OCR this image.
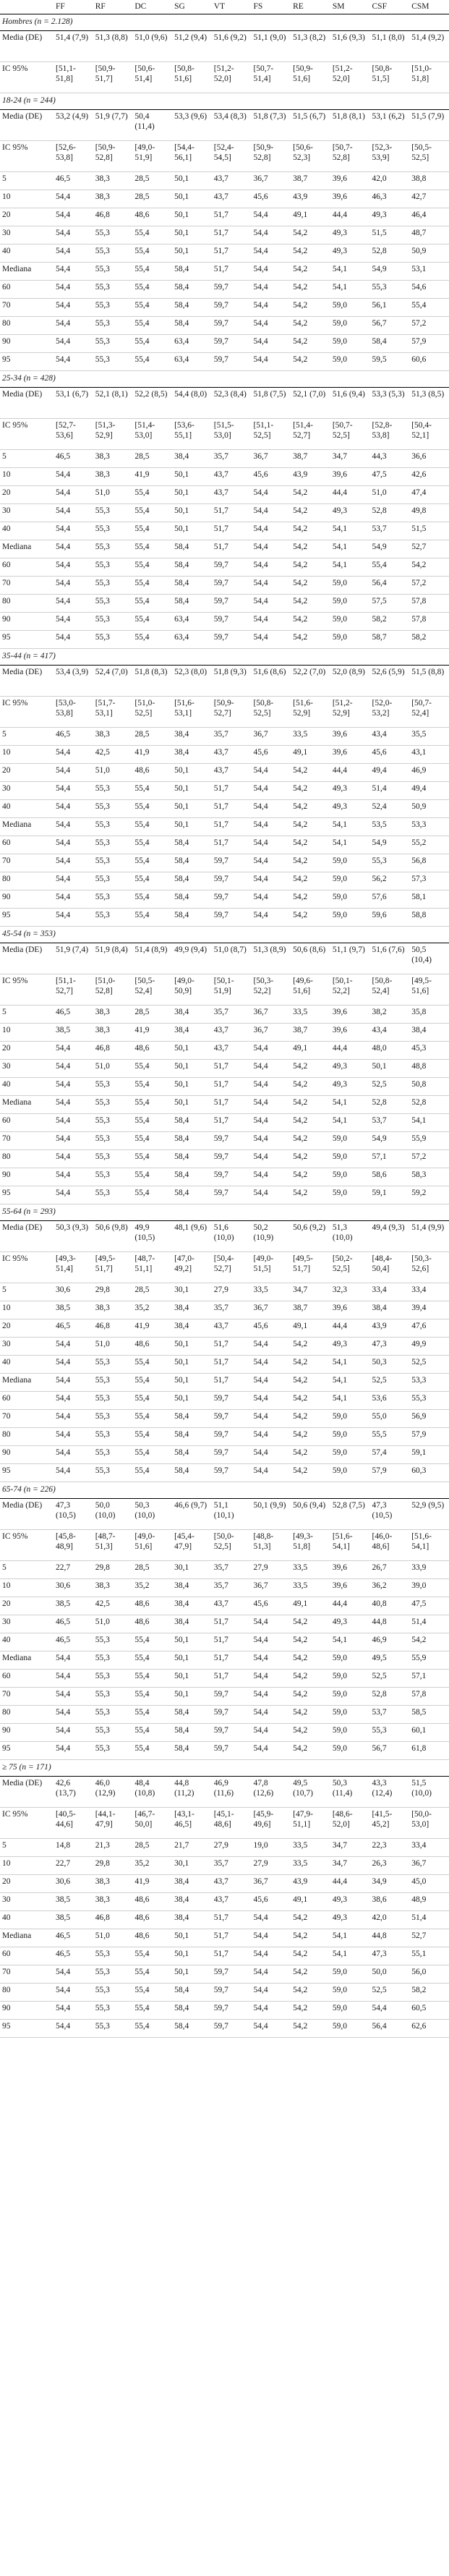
	FF	RF	DC	SG	VT	FS	RE	SM	CSF	CSM
Hombres (n = 2.128)										
Media (DE)	51,4 (7,9)	51,3 (8,8)	51,0 (9,6)	51,2 (9,4)	51,6 (9,2)	51,1 (9,0)	51,3 (8,2)	51,6 (9,3)	51,1 (8,0)	51,4 (9,2)
IC 95%	[51,1-51,8]	[50,9-51,7]	[50,6-51,4]	[50,8-51,6]	[51,2-52,0]	[50,7-51,4]	[50,9-51,6]	[51,2-52,0]	[50,8-51,5]	[51,0-51,8]
18-24 (n = 244)										
Media (DE)	53,2 (4,9)	51,9 (7,7)	50,4 (11,4)	53,3 (9,6)	53,4 (8,3)	51,8 (7,3)	51,5 (6,7)	51,8 (8,1)	53,1 (6,2)	51,5 (7,9)
IC 95%	[52,6-53,8]	[50,9-52,8]	[49,0-51,9]	[54,4-56,1]	[52,4-54,5]	[50,9-52,8]	[50,6-52,3]	[50,7-52,8]	[52,3-53,9]	[50,5-52,5]
5	46,5	38,3	28,5	50,1	43,7	36,7	38,7	39,6	42,0	38,8
10	54,4	38,3	28,5	50,1	43,7	45,6	43,9	39,6	46,3	42,7
20	54,4	46,8	48,6	50,1	51,7	54,4	49,1	44,4	49,3	46,4
30	54,4	55,3	55,4	50,1	51,7	54,4	54,2	49,3	51,5	48,7
40	54,4	55,3	55,4	50,1	51,7	54,4	54,2	49,3	52,8	50,9
Mediana	54,4	55,3	55,4	58,4	51,7	54,4	54,2	54,1	54,9	53,1
60	54,4	55,3	55,4	58,4	59,7	54,4	54,2	54,1	55,3	54,6
70	54,4	55,3	55,4	58,4	59,7	54,4	54,2	59,0	56,1	55,4
80	54,4	55,3	55,4	58,4	59,7	54,4	54,2	59,0	56,7	57,2
90	54,4	55,3	55,4	63,4	59,7	54,4	54,2	59,0	58,4	57,9
95	54,4	55,3	55,4	63,4	59,7	54,4	54,2	59,0	59,5	60,6
25-34 (n = 428)										
Media (DE)	53,1 (6,7)	52,1 (8,1)	52,2 (8,5)	54,4 (8,0)	52,3 (8,4)	51,8 (7,5)	52,1 (7,0)	51,6 (9,4)	53,3 (5,3)	51,3 (8,5)
IC 95%	[52,7-53,6]	[51,3-52,9]	[51,4-53,0]	[53,6-55,1]	[51,5-53,0]	[51,1-52,5]	[51,4-52,7]	[50,7-52,5]	[52,8-53,8]	[50,4-52,1]
5	46,5	38,3	28,5	38,4	35,7	36,7	38,7	34,7	44,3	36,6
10	54,4	38,3	41,9	50,1	43,7	45,6	43,9	39,6	47,5	42,6
20	54,4	51,0	55,4	50,1	43,7	54,4	54,2	44,4	51,0	47,4
30	54,4	55,3	55,4	50,1	51,7	54,4	54,2	49,3	52,8	49,8
40	54,4	55,3	55,4	50,1	51,7	54,4	54,2	54,1	53,7	51,5
Mediana	54,4	55,3	55,4	58,4	51,7	54,4	54,2	54,1	54,9	52,7
60	54,4	55,3	55,4	58,4	59,7	54,4	54,2	54,1	55,4	54,2
70	54,4	55,3	55,4	58,4	59,7	54,4	54,2	59,0	56,4	57,2
80	54,4	55,3	55,4	58,4	59,7	54,4	54,2	59,0	57,5	57,8
90	54,4	55,3	55,4	63,4	59,7	54,4	54,2	59,0	58,2	57,8
95	54,4	55,3	55,4	63,4	59,7	54,4	54,2	59,0	58,7	58,2
35-44 (n = 417)										
Media (DE)	53,4 (3,9)	52,4 (7,0)	51,8 (8,3)	52,3 (8,0)	51,8 (9,3)	51,6 (8,6)	52,2 (7,0)	52,0 (8,9)	52,6 (5,9)	51,5 (8,8)
IC 95%	[53,0-53,8]	[51,7-53,1]	[51,0-52,5]	[51,6-53,1]	[50,9-52,7]	[50,8-52,5]	[51,6-52,9]	[51,2-52,9]	[52,0-53,2]	[50,7-52,4]
5	46,5	38,3	28,5	38,4	35,7	36,7	33,5	39,6	43,4	35,5
10	54,4	42,5	41,9	38,4	43,7	45,6	49,1	39,6	45,6	43,1
20	54,4	51,0	48,6	50,1	43,7	54,4	54,2	44,4	49,4	46,9
30	54,4	55,3	55,4	50,1	51,7	54,4	54,2	49,3	51,4	49,4
40	54,4	55,3	55,4	50,1	51,7	54,4	54,2	49,3	52,4	50,9
Mediana	54,4	55,3	55,4	50,1	51,7	54,4	54,2	54,1	53,5	53,3
60	54,4	55,3	55,4	58,4	51,7	54,4	54,2	54,1	54,9	55,2
70	54,4	55,3	55,4	58,4	59,7	54,4	54,2	59,0	55,3	56,8
80	54,4	55,3	55,4	58,4	59,7	54,4	54,2	59,0	56,2	57,3
90	54,4	55,3	55,4	58,4	59,7	54,4	54,2	59,0	57,6	58,1
95	54,4	55,3	55,4	58,4	59,7	54,4	54,2	59,0	59,6	58,8
45-54 (n = 353)										
Media (DE)	51,9 (7,4)	51,9 (8,4)	51,4 (8,9)	49,9 (9,4)	51,0 (8,7)	51,3 (8,9)	50,6 (8,6)	51,1 (9,7)	51,6 (7,6)	50,5 (10,4)
IC 95%	[51,1-52,7]	[51,0-52,8]	[50,5-52,4]	[49,0-50,9]	[50,1-51,9]	[50,3-52,2]	[49,6-51,6]	[50,1-52,2]	[50,8-52,4]	[49,5-51,6]
5	46,5	38,3	28,5	38,4	35,7	36,7	33,5	39,6	38,2	35,8
10	38,5	38,3	41,9	38,4	43,7	36,7	38,7	39,6	43,4	38,4
20	54,4	46,8	48,6	50,1	43,7	54,4	49,1	44,4	48,0	45,3
30	54,4	51,0	55,4	50,1	51,7	54,4	54,2	49,3	50,1	48,8
40	54,4	55,3	55,4	50,1	51,7	54,4	54,2	49,3	52,5	50,8
Mediana	54,4	55,3	55,4	50,1	51,7	54,4	54,2	54,1	52,8	52,8
60	54,4	55,3	55,4	58,4	51,7	54,4	54,2	54,1	53,7	54,1
70	54,4	55,3	55,4	58,4	59,7	54,4	54,2	59,0	54,9	55,9
80	54,4	55,3	55,4	58,4	59,7	54,4	54,2	59,0	57,1	57,2
90	54,4	55,3	55,4	58,4	59,7	54,4	54,2	59,0	58,6	58,3
95	54,4	55,3	55,4	58,4	59,7	54,4	54,2	59,0	59,1	59,2
55-64 (n = 293)										
Media (DE)	50,3 (9,3)	50,6 (9,8)	49,9 (10,5)	48,1 (9,6)	51,6 (10,0)	50,2 (10,9)	50,6 (9,2)	51,3 (10,0)	49,4 (9,3)	51,4 (9,9)
IC 95%	[49,3-51,4]	[49,5-51,7]	[48,7-51,1]	[47,0-49,2]	[50,4-52,7]	[49,0-51,5]	[49,5-51,7]	[50,2-52,5]	[48,4-50,4]	[50,3-52,6]
5	30,6	29,8	28,5	30,1	27,9	33,5	34,7	32,3	33,4	33,4
10	38,5	38,3	35,2	38,4	35,7	36,7	38,7	39,6	38,4	39,4
20	46,5	46,8	41,9	38,4	43,7	45,6	49,1	44,4	43,9	47,6
30	54,4	51,0	48,6	50,1	51,7	54,4	54,2	49,3	47,3	49,9
40	54,4	55,3	55,4	50,1	51,7	54,4	54,2	54,1	50,3	52,5
Mediana	54,4	55,3	55,4	50,1	51,7	54,4	54,2	54,1	52,5	53,3
60	54,4	55,3	55,4	50,1	59,7	54,4	54,2	54,1	53,6	55,3
70	54,4	55,3	55,4	58,4	59,7	54,4	54,2	59,0	55,0	56,9
80	54,4	55,3	55,4	58,4	59,7	54,4	54,2	59,0	55,5	57,9
90	54,4	55,3	55,4	58,4	59,7	54,4	54,2	59,0	57,4	59,1
95	54,4	55,3	55,4	58,4	59,7	54,4	54,2	59,0	57,9	60,3
65-74 (n = 226)										
Media (DE)	47,3 (10,5)	50,0 (10,0)	50,3 (10,0)	46,6 (9,7)	51,1 (10,1)	50,1 (9,9)	50,6 (9,4)	52,8 (7,5)	47,3 (10,5)	52,9 (9,5)
IC 95%	[45,8-48,9]	[48,7-51,3]	[49,0-51,6]	[45,4-47,9]	[50,0-52,5]	[48,8-51,3]	[49,3-51,8]	[51,6-54,1]	[46,0-48,6]	[51,6-54,1]
5	22,7	29,8	28,5	30,1	35,7	27,9	33,5	39,6	26,7	33,9
10	30,6	38,3	35,2	38,4	35,7	36,7	33,5	39,6	36,2	39,0
20	38,5	42,5	48,6	38,4	43,7	45,6	49,1	44,4	40,8	47,5
30	46,5	51,0	48,6	38,4	51,7	54,4	54,2	49,3	44,8	51,4
40	46,5	55,3	55,4	50,1	51,7	54,4	54,2	54,1	46,9	54,2
Mediana	54,4	55,3	55,4	50,1	51,7	54,4	54,2	59,0	49,5	55,9
60	54,4	55,3	55,4	50,1	51,7	54,4	54,2	59,0	52,5	57,1
70	54,4	55,3	55,4	50,1	59,7	54,4	54,2	59,0	52,8	57,8
80	54,4	55,3	55,4	58,4	59,7	54,4	54,2	59,0	53,7	58,5
90	54,4	55,3	55,4	58,4	59,7	54,4	54,2	59,0	55,3	60,1
95	54,4	55,3	55,4	58,4	59,7	54,4	54,2	59,0	56,7	61,8
≥ 75 (n = 171)										
Media (DE)	42,6 (13,7)	46,0 (12,9)	48,4 (10,8)	44,8 (11,2)	46,9 (11,6)	47,8 (12,6)	49,5 (10,7)	50,3 (11,4)	43,3 (12,4)	51,5 (10,0)
IC 95%	[40,5-44,6]	[44,1-47,9]	[46,7-50,0]	[43,1-46,5]	[45,1-48,6]	[45,9-49,6]	[47,9-51,1]	[48,6-52,0]	[41,5-45,2]	[50,0-53,0]
5	14,8	21,3	28,5	21,7	27,9	19,0	33,5	34,7	22,3	33,4
10	22,7	29,8	35,2	30,1	35,7	27,9	33,5	34,7	26,3	36,7
20	30,6	38,3	41,9	38,4	43,7	36,7	43,9	44,4	34,9	45,0
30	38,5	38,3	48,6	38,4	43,7	45,6	49,1	49,3	38,6	48,9
40	38,5	46,8	48,6	38,4	51,7	54,4	54,2	49,3	42,0	51,4
Mediana	46,5	51,0	48,6	50,1	51,7	54,4	54,2	54,1	44,8	52,7
60	46,5	55,3	55,4	50,1	51,7	54,4	54,2	54,1	47,3	55,1
70	54,4	55,3	55,4	50,1	59,7	54,4	54,2	59,0	50,0	56,0
80	54,4	55,3	55,4	58,4	59,7	54,4	54,2	59,0	52,5	58,2
90	54,4	55,3	55,4	58,4	59,7	54,4	54,2	59,0	54,4	60,5
95	54,4	55,3	55,4	58,4	59,7	54,4	54,2	59,0	56,4	62,6
